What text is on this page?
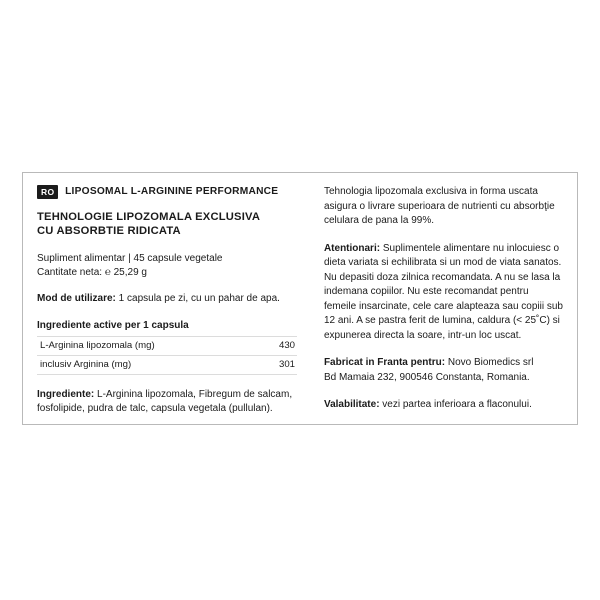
RO	LIPOSOMAL L-ARGININE PERFORMANCE
TEHNOLOGIE LIPOZOMALA EXCLUSIVA
CU ABSORBTIE RIDICATA
Supliment alimentar | 45 capsule vegetale
Cantitate neta: ℮ 25,29 g
Mod de utilizare: 1 capsula pe zi, cu un pahar de apa.
Ingrediente active per 1 capsula
L-Arginina lipozomala (mg)	430
inclusiv Arginina (mg)	301

Ingrediente: L-Arginina lipozomala, Fibregum de salcam, fosfolipide, pudra de talc, capsula vegetala (pullulan).

Tehnologia lipozomala exclusiva in forma uscata asigura o livrare superioara de nutrienti cu absorbţie celulara de pana la 99%.

Atentionari: Suplimentele alimentare nu inlocuiesc o dieta variata si echilibrata si un mod de viata sanatos. Nu depasiti doza zilnica recomandata. A nu se lasa la indemana copiilor. Nu este recomandat pentru femeile insarcinate, cele care alapteaza sau copiii sub 12 ani. A se pastra ferit de lumina, caldura (< 25˚C) si expunerea directa la soare, intr-un loc uscat.

Fabricat in Franta pentru: Novo Biomedics srl
Bd Mamaia 232, 900546 Constanta, Romania.

Valabilitate: vezi partea inferioara a flaconului.
